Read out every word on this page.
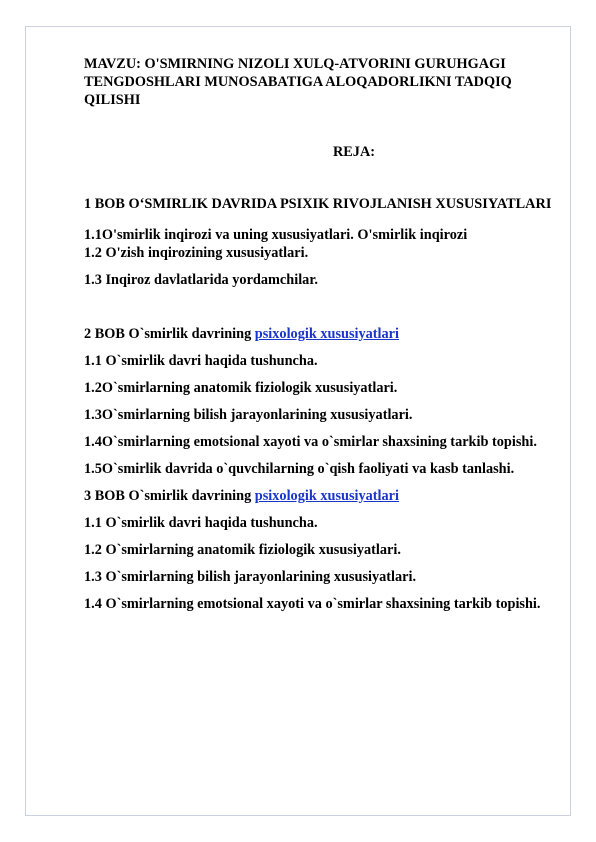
MAVZU: O'SMIRNING NIZOLI XULQ-ATVORINI GURUHGAGI TENGDOSHLARI MUNOSABATIGA ALOQADORLIKNI TADQIQ QILISHI

REJA:

1 BOB O‘SMIRLIK DAVRIDA PSIXIK RIVOJLANISH XUSUSIYATLARI

1.1O'smirlik inqirozi va uning xususiyatlari. O'smirlik inqirozi

1.2 O'zish inqirozining xususiyatlari.

1.3 Inqiroz davlatlarida yordamchilar.

2 BOB O`smirlik davrining psixologik xususiyatlari

1.1 O`smirlik davri haqida tushuncha.

1.2O`smirlarning anatomik fiziologik xususiyatlari.

1.3O`smirlarning bilish jarayonlarining xususiyatlari.

1.4O`smirlarning emotsional xayoti va o`smirlar shaxsining tarkib topishi.

1.5O`smirlik davrida o`quvchilarning o`qish faoliyati va kasb tanlashi.

3 BOB O`smirlik davrining psixologik xususiyatlari

1.1 O`smirlik davri haqida tushuncha.

1.2 O`smirlarning anatomik fiziologik xususiyatlari.

1.3 O`smirlarning bilish jarayonlarining xususiyatlari.

1.4 O`smirlarning emotsional xayoti va o`smirlar shaxsining tarkib topishi.
